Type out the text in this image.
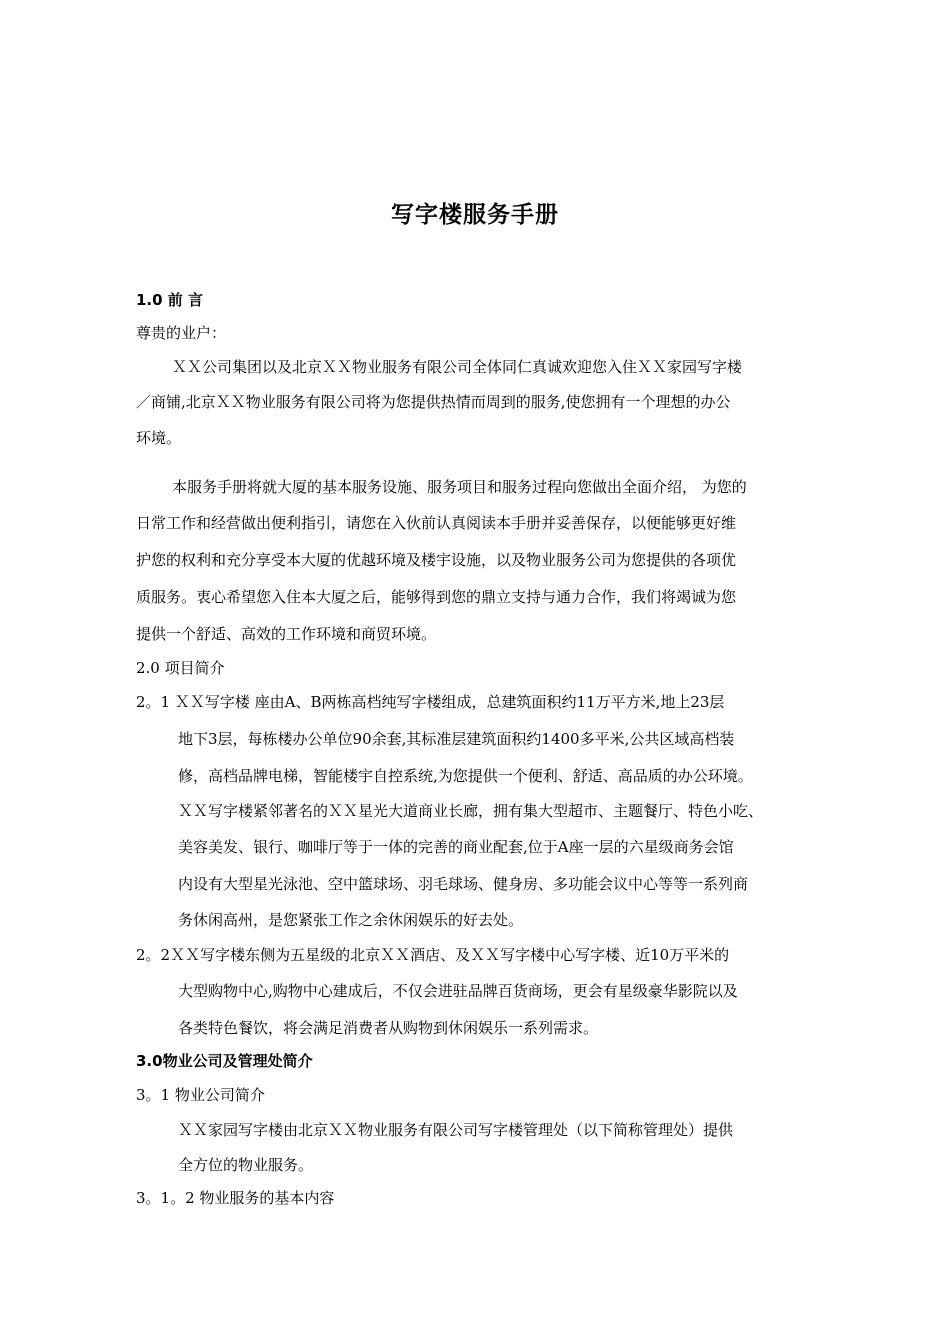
写字楼服务手册
1.0 前 言
尊贵的业户：
ＸＸ公司集团以及北京ＸＸ物业服务有限公司全体同仁真诚欢迎您入住ＸＸ家园写字楼
／商铺,北京ＸＸ物业服务有限公司将为您提供热情而周到的服务,使您拥有一个理想的办公
环境。
本服务手册将就大厦的基本服务设施、服务项目和服务过程向您做出全面介绍， 为您的
日常工作和经营做出便利指引，请您在入伙前认真阅读本手册并妥善保存，以便能够更好维
护您的权利和充分享受本大厦的优越环境及楼宇设施，以及物业服务公司为您提供的各项优
质服务。衷心希望您入住本大厦之后，能够得到您的鼎立支持与通力合作，我们将竭诚为您
提供一个舒适、高效的工作环境和商贸环境。
2.0 项目简介
2。1 ＸＸ写字楼 座由A、B两栋高档纯写字楼组成，总建筑面积约11万平方米,地上23层
地下3层，每栋楼办公单位90余套,其标准层建筑面积约1400多平米,公共区域高档装
修，高档品牌电梯，智能楼宇自控系统,为您提供一个便利、舒适、高品质的办公环境。
ＸＸ写字楼紧邻著名的ＸＸ星光大道商业长廊，拥有集大型超市、主题餐厅、特色小吃、
美容美发、银行、咖啡厅等于一体的完善的商业配套,位于A座一层的六星级商务会馆
内设有大型星光泳池、空中篮球场、羽毛球场、健身房、多功能会议中心等等一系列商
务休闲高州，是您紧张工作之余休闲娱乐的好去处。
2。2ＸＸ写字楼东侧为五星级的北京ＸＸ酒店、及ＸＸ写字楼中心写字楼、近10万平米的
大型购物中心,购物中心建成后，不仅会进驻品牌百货商场，更会有星级豪华影院以及
各类特色餐饮，将会满足消费者从购物到休闲娱乐一系列需求。
3.0物业公司及管理处简介
3。1 物业公司简介
ＸＸ家园写字楼由北京ＸＸ物业服务有限公司写字楼管理处（以下简称管理处）提供
全方位的物业服务。
3。1。2 物业服务的基本内容
